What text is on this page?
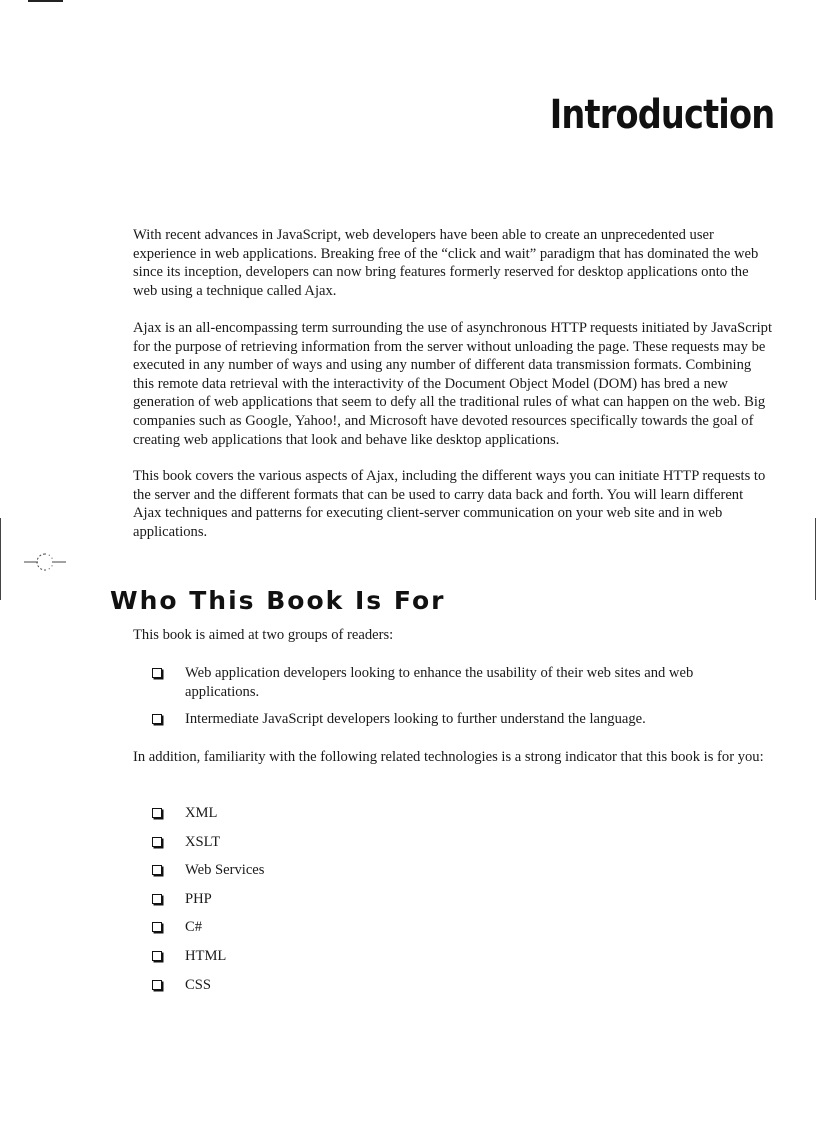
Introduction

With recent advances in JavaScript, web developers have been able to create an unprecedented user experience in web applications. Breaking free of the “click and wait” paradigm that has dominated the web since its inception, developers can now bring features formerly reserved for desktop applications onto the web using a technique called Ajax.

Ajax is an all-encompassing term surrounding the use of asynchronous HTTP requests initiated by JavaScript for the purpose of retrieving information from the server without unloading the page. These requests may be executed in any number of ways and using any number of different data transmission formats. Combining this remote data retrieval with the interactivity of the Document Object Model (DOM) has bred a new generation of web applications that seem to defy all the traditional rules of what can happen on the web. Big companies such as Google, Yahoo!, and Microsoft have devoted resources specifically towards the goal of creating web applications that look and behave like desktop applications.

This book covers the various aspects of Ajax, including the different ways you can initiate HTTP requests to the server and the different formats that can be used to carry data back and forth. You will learn different Ajax techniques and patterns for executing client-server communication on your web site and in web applications.

Who This Book Is For

This book is aimed at two groups of readers:

Web application developers looking to enhance the usability of their web sites and web applications.
Intermediate JavaScript developers looking to further understand the language.

In addition, familiarity with the following related technologies is a strong indicator that this book is for you:

XML
XSLT
Web Services
PHP
C#
HTML
CSS
